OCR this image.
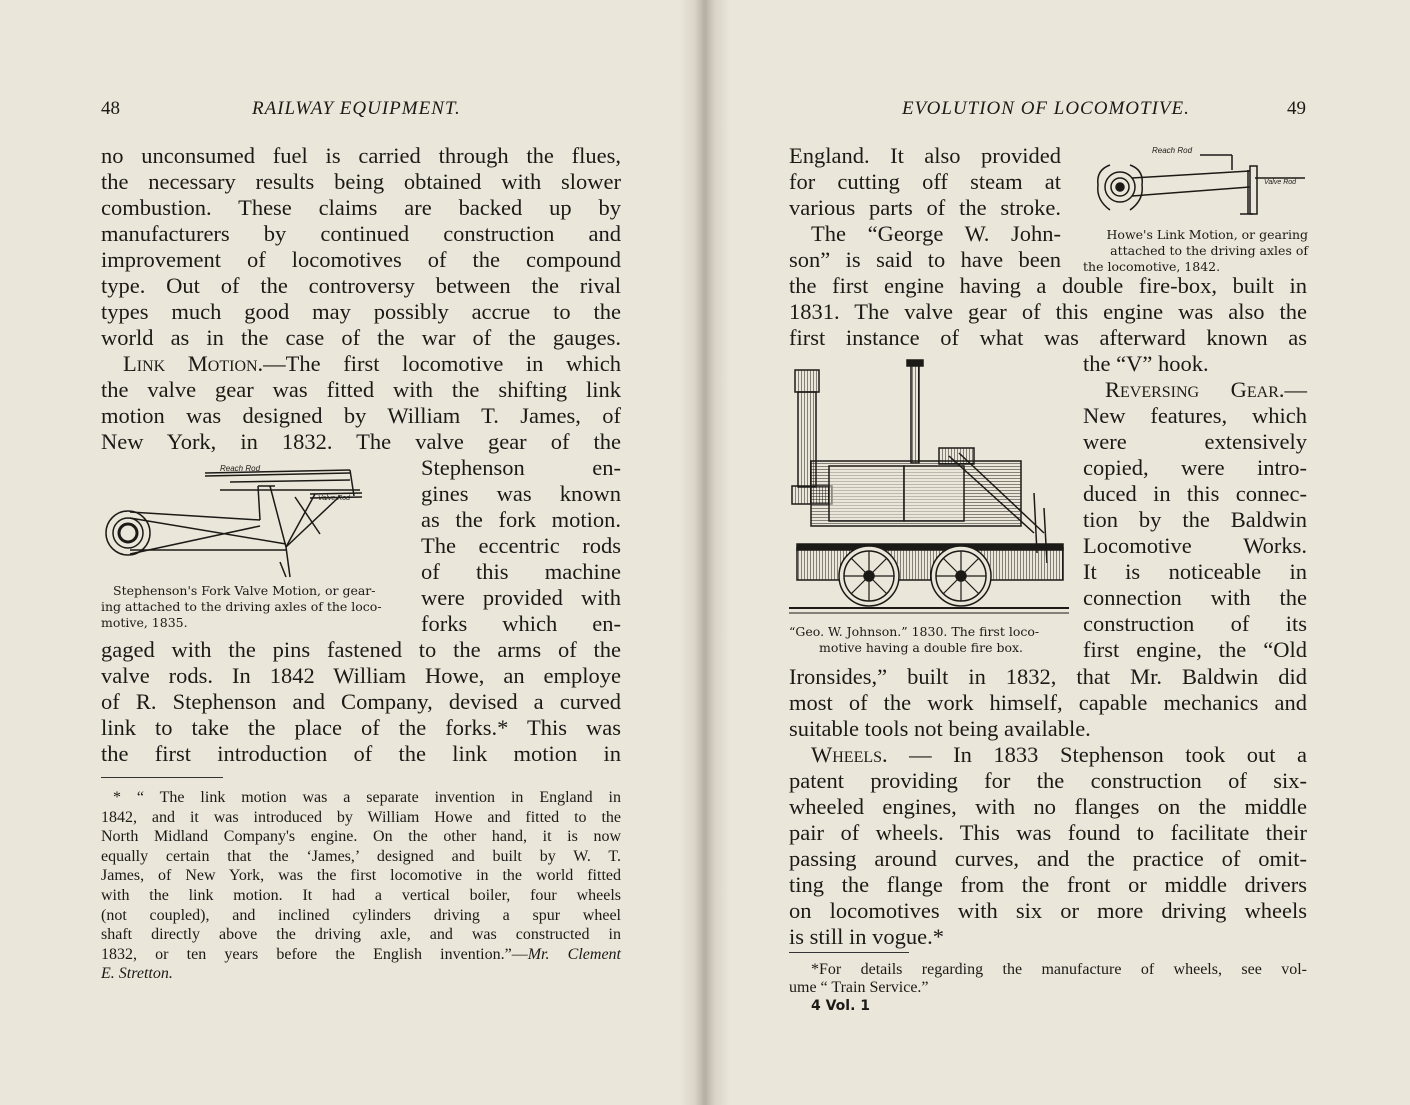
48	RAILWAY EQUIPMENT.
no unconsumed fuel is carried through the flues,
the necessary results being obtained with slower
combustion. These claims are backed up by
manufacturers by continued construction and
improvement of locomotives of the compound
type. Out of the controversy between the rival
types much good may possibly accrue to the
world as in the case of the war of the gauges.
Link Motion.—The first locomotive in which
the valve gear was fitted with the shifting link
motion was designed by William T. James, of
New York, in 1832. The valve gear of the
Stephenson en-
gines was known
as the fork motion.
The eccentric rods
of this machine
were provided with
forks which en-
Reach Rod
Valve Rod
Stephenson's Fork Valve Motion, or gear-
ing attached to the driving axles of the loco-
motive, 1835.
gaged with the pins fastened to the arms of the
valve rods. In 1842 William Howe, an employe
of R. Stephenson and Company, devised a curved
link to take the place of the forks.* This was
the first introduction of the link motion in
* “ The link motion was a separate invention in England in
1842, and it was introduced by William Howe and fitted to the
North Midland Company's engine. On the other hand, it is now
equally certain that the ‘James,’ designed and built by W. T.
James, of New York, was the first locomotive in the world fitted
with the link motion. It had a vertical boiler, four wheels
(not coupled), and inclined cylinders driving a spur wheel
shaft directly above the driving axle, and was constructed in
1832, or ten years before the English invention.”—Mr. Clement
E. Stretton.
EVOLUTION OF LOCOMOTIVE.	49
England. It also provided
for cutting off steam at
various parts of the stroke.
The “George W. John-
son” is said to have been
Reach Rod
Valve Rod
Howe's Link Motion, or gearing
attached to the driving axles of
the locomotive, 1842.
the first engine having a double fire-box, built in
1831. The valve gear of this engine was also the
first instance of what was afterward known as
“Geo. W. Johnson.” 1830. The first loco-
motive having a double fire box.
the “V” hook.
Reversing Gear.—
New features, which
were extensively
copied, were intro-
duced in this connec-
tion by the Baldwin
Locomotive Works.
It is noticeable in
connection with the
construction of its
first engine, the “Old
Ironsides,” built in 1832, that Mr. Baldwin did
most of the work himself, capable mechanics and
suitable tools not being available.
Wheels. — In 1833 Stephenson took out a
patent providing for the construction of six-
wheeled engines, with no flanges on the middle
pair of wheels. This was found to facilitate their
passing around curves, and the practice of omit-
ting the flange from the front or middle drivers
on locomotives with six or more driving wheels
is still in vogue.*
*For details regarding the manufacture of wheels, see vol-
ume “ Train Service.”
4 Vol. 1
